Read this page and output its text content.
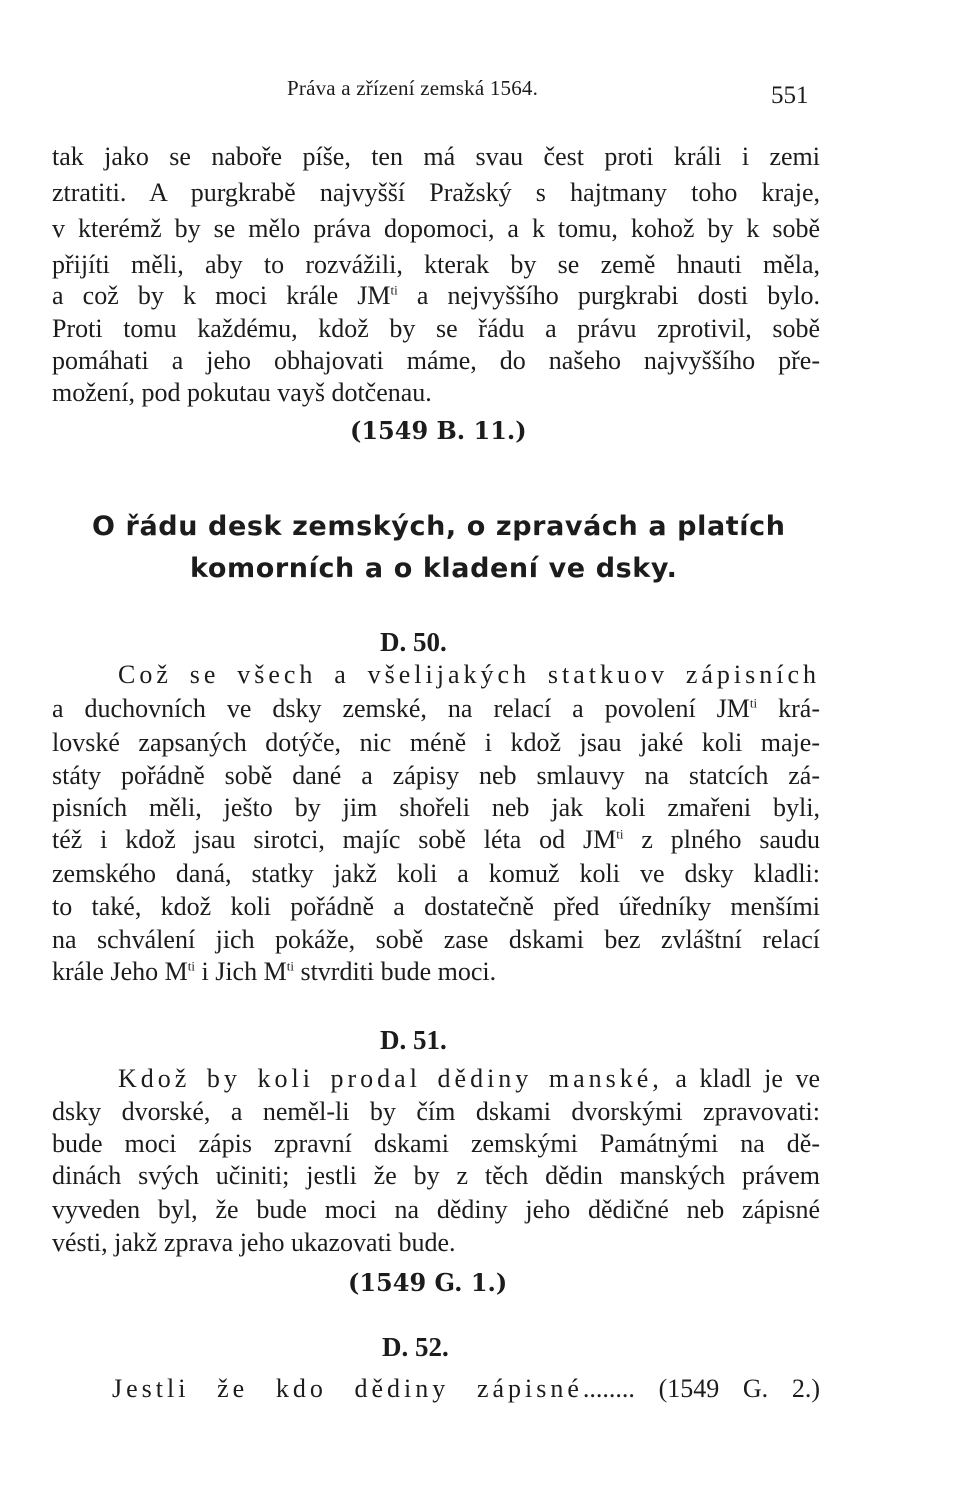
Práva a zřízení zemská 1564.	551
tak jako se naboře píše, ten má svau čest proti králi i zemi
ztratiti. A purgkrabě najvyšší Pražský s hajtmany toho kraje,
v kterémž by se mělo práva dopomoci, a k tomu, kohož by k sobě
přijíti měli, aby to rozvážili, kterak by se země hnauti měla,
a což by k moci krále $JM^{ti}$ a nejvyššího purgkrabi dosti bylo.
Proti tomu každému, kdož by se řádu a právu zprotivil, sobě
pomáhati a jeho obhajovati máme, do našeho najvyššího pře-
možení, pod pokutau vayš dotčenau.
(1549 B. 11.)
O řádu desk zemských, o zpravách a platích
komorních a o kladení ve dsky.
D. 50.
Což se všech a všelijakých statkuov zápisních
a duchovních ve dsky zemské, na relací a povolení $JM^{ti}$ krá-
lovské zapsaných dotýče, nic méně i kdož jsau jaké koli maje-
státy pořádně sobě dané a zápisy neb smlauvy na statcích zá-
pisních měli, ješto by jim shořeli neb jak koli zmařeni byli,
též i kdož jsau sirotci, majíc sobě léta od $JM^{ti}$ z plného saudu
zemského daná, statky jakž koli a komuž koli ve dsky kladli:
to také, kdož koli pořádně a dostatečně před úředníky menšími
na schválení jich pokáže, sobě zase dskami bez zvláštní relací
krále Jeho $M^{ti}$ i Jich $M^{ti}$ stvrditi bude moci.
D. 51.
Kdož by koli prodal dědiny manské, a kladl je ve
dsky dvorské, a neměl-li by čím dskami dvorskými zpravovati:
bude moci zápis zpravní dskami zemskými Památnými na dě-
dinách svých učiniti; jestli že by z těch dědin manských právem
vyveden byl, že bude moci na dědiny jeho dědičné neb zápisné
vésti, jakž zprava jeho ukazovati bude.
(1549 G. 1.)
D. 52.
Jestli že kdo dědiny zápisné........ (1549 G. 2.)
